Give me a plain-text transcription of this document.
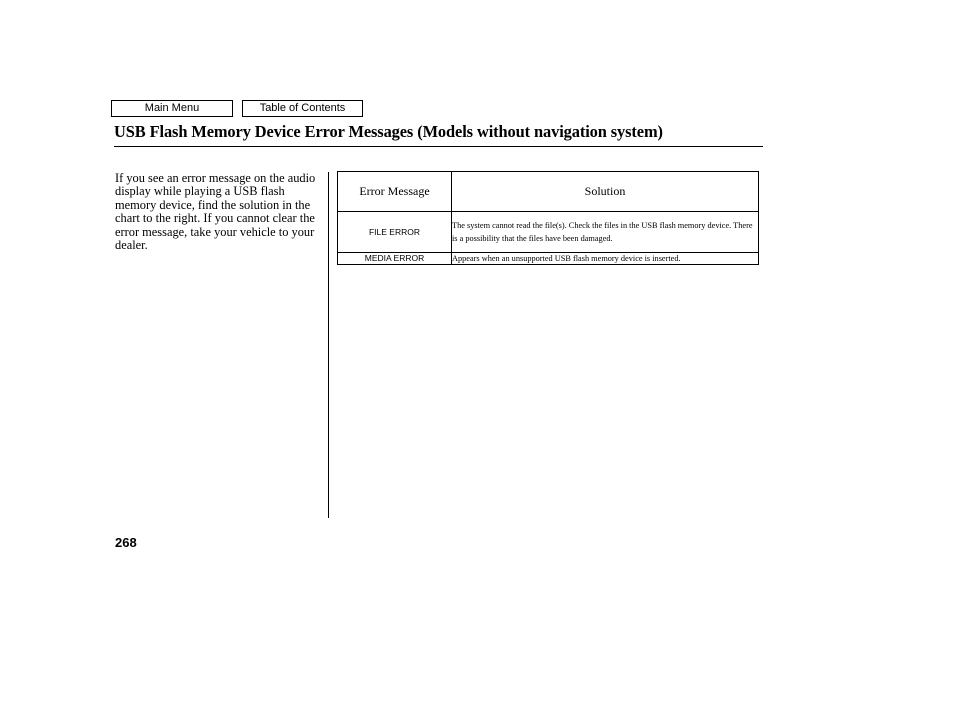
Main Menu	Table of Contents
USB Flash Memory Device Error Messages (Models without navigation system)
If you see an error message on the audio display while playing a USB flash memory device, find the solution in the chart to the right. If you cannot clear the error message, take your vehicle to your dealer.
Error Message	Solution
FILE ERROR	The system cannot read the file(s). Check the files in the USB flash memory device. There is a possibility that the files have been damaged.
MEDIA ERROR	Appears when an unsupported USB flash memory device is inserted.
268
